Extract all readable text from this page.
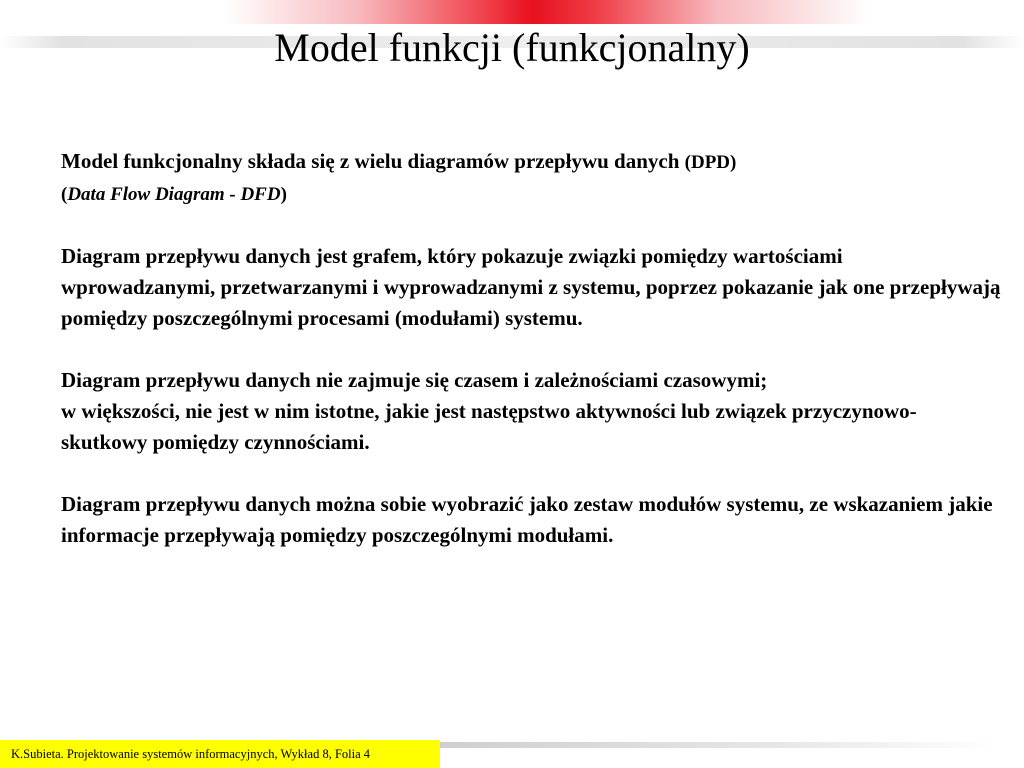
Model funkcji (funkcjonalny)

Model funkcjonalny składa się z wielu diagramów przepływu danych (DPD)
(Data Flow Diagram - DFD)

Diagram przepływu danych jest grafem, który pokazuje związki pomiędzy wartościami wprowadzanymi, przetwarzanymi i wyprowadzanymi z systemu, poprzez pokazanie jak one przepływają pomiędzy poszczególnymi procesami (modułami) systemu.

Diagram przepływu danych nie zajmuje się czasem i zależnościami czasowymi;
w większości, nie jest w nim istotne, jakie jest następstwo aktywności lub związek przyczynowo-skutkowy pomiędzy czynnościami.

Diagram przepływu danych można sobie wyobrazić jako zestaw modułów systemu, ze wskazaniem jakie informacje przepływają pomiędzy poszczególnymi modułami.

K.Subieta. Projektowanie systemów informacyjnych, Wykład 8, Folia 4
